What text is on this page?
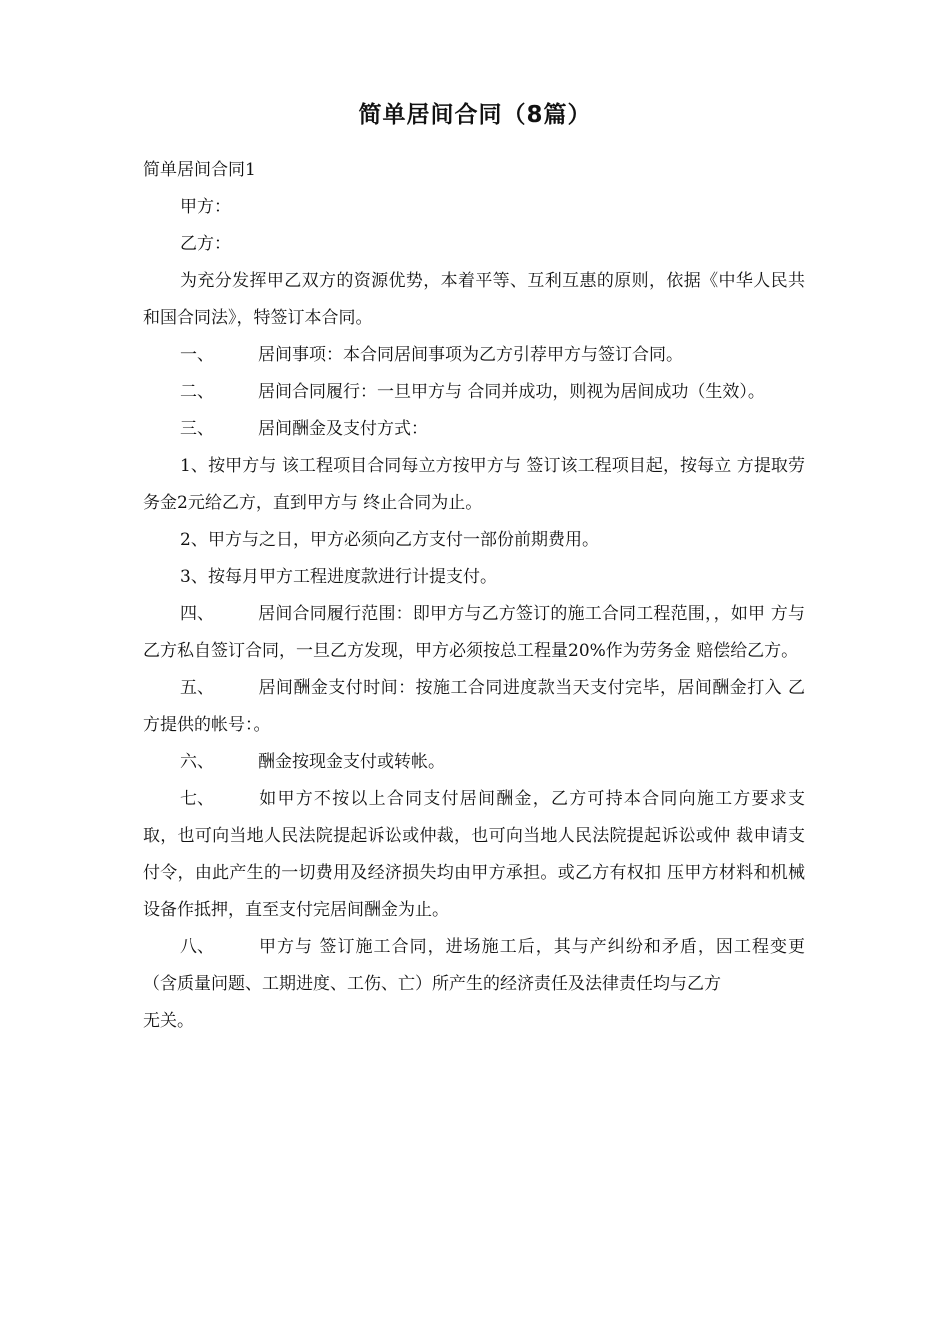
简单居间合同（8篇）

简单居间合同1

甲方：

乙方：

为充分发挥甲乙双方的资源优势，本着平等、互利互惠的原则，依据《中华人民共和国合同法》，特签订本合同。

一、	居间事项：本合同居间事项为乙方引荐甲方与签订合同。

二、	居间合同履行：一旦甲方与 合同并成功，则视为居间成功（生效）。

三、	居间酬金及支付方式：

1、按甲方与 该工程项目合同每立方按甲方与 签订该工程项目起，按每立 方提取劳务金2元给乙方，直到甲方与 终止合同为止。

2、甲方与之日，甲方必须向乙方支付一部份前期费用。

3、按每月甲方工程进度款进行计提支付。

四、	居间合同履行范围：即甲方与乙方签订的施工合同工程范围，，如甲 方与乙方私自签订合同，一旦乙方发现，甲方必须按总工程量20%作为劳务金 赔偿给乙方。

五、	居间酬金支付时间：按施工合同进度款当天支付完毕，居间酬金打入 乙方提供的帐号：。

六、	酬金按现金支付或转帐。

七、	如甲方不按以上合同支付居间酬金，乙方可持本合同向施工方要求支 取，也可向当地人民法院提起诉讼或仲裁，也可向当地人民法院提起诉讼或仲 裁申请支付令，由此产生的一切费用及经济损失均由甲方承担。或乙方有权扣 压甲方材料和机械设备作抵押，直至支付完居间酬金为止。

八、	甲方与 签订施工合同，进场施工后，其与产纠纷和矛盾，因工程变更 （含质量问题、工期进度、工伤、亡）所产生的经济责任及法律责任均与乙方

无关。
